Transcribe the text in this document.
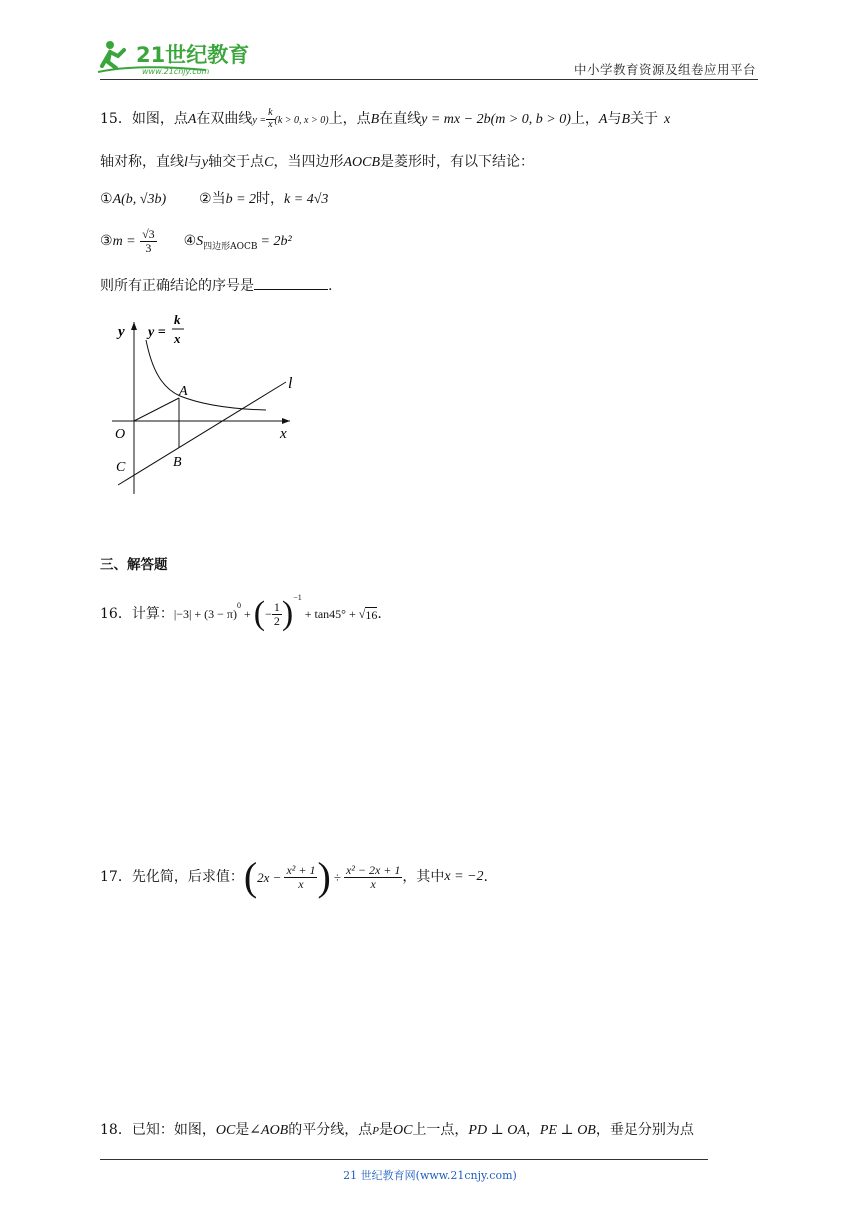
21世纪教育
www.21cnjy.com	中小学教育资源及组卷应用平台
15．如图，点A在双曲线$y = \frac{k}{x} (k > 0$, x > 0)上，点B在直线y = mx − 2b(m > 0, b > 0)上，A与B关于 x
轴对称，直线l与y轴交于点C，当四边形AOCB是菱形时，有以下结论：
①A(b, √3b) ②当b = 2时，k = 4√3
③m = $\frac{√3}{3}$ $④S_{四边形AOCB} = 2b^2$
则所有正确结论的序号是	.
y y =
k
x
A
B
O
C
x
l
三、解答题
16． 计算： |−3| + (3 − π)
$^0$
+ ( − $\frac{1}{2} )^{-1}$
+ tan45° + √ 16 .
17． 先化简，后求值： ( $2x - \frac{\text{x² + 1}}{x}$ ) ÷ $\frac{\text{x² − 2x + 1}}{x}$ ，其中 x = −2 .
18．已知：如图，OC是∠AOB的平分线，点P是OC上一点，PD ⊥ OA，PE ⊥ OB，垂足分别为点
21 世纪教育网(www.21cnjy.com)
